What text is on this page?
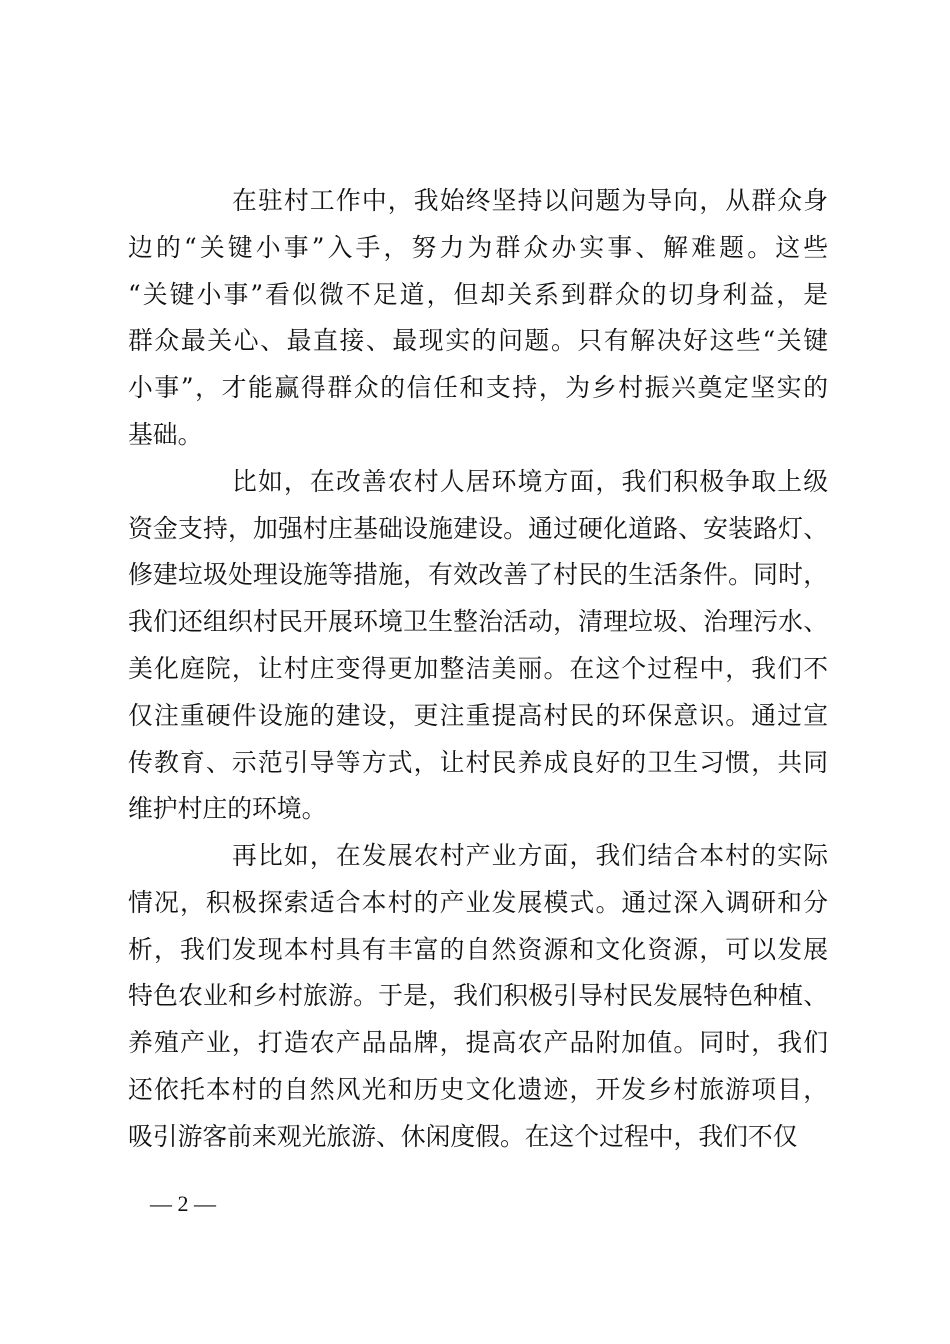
在驻村工作中，我始终坚持以问题为导向，从群众身
边的“关键小事”入手，努力为群众办实事、解难题。这些
“关键小事”看似微不足道，但却关系到群众的切身利益，是
群众最关心、最直接、最现实的问题。只有解决好这些“关键
小事”，才能赢得群众的信任和支持，为乡村振兴奠定坚实的
基础。
比如，在改善农村人居环境方面，我们积极争取上级
资金支持，加强村庄基础设施建设。通过硬化道路、安装路灯、
修建垃圾处理设施等措施，有效改善了村民的生活条件。同时，
我们还组织村民开展环境卫生整治活动，清理垃圾、治理污水、
美化庭院，让村庄变得更加整洁美丽。在这个过程中，我们不
仅注重硬件设施的建设，更注重提高村民的环保意识。通过宣
传教育、示范引导等方式，让村民养成良好的卫生习惯，共同
维护村庄的环境。
再比如，在发展农村产业方面，我们结合本村的实际
情况，积极探索适合本村的产业发展模式。通过深入调研和分
析，我们发现本村具有丰富的自然资源和文化资源，可以发展
特色农业和乡村旅游。于是，我们积极引导村民发展特色种植、
养殖产业，打造农产品品牌，提高农产品附加值。同时，我们
还依托本村的自然风光和历史文化遗迹，开发乡村旅游项目，
吸引游客前来观光旅游、休闲度假。在这个过程中，我们不仅
— 2 —
